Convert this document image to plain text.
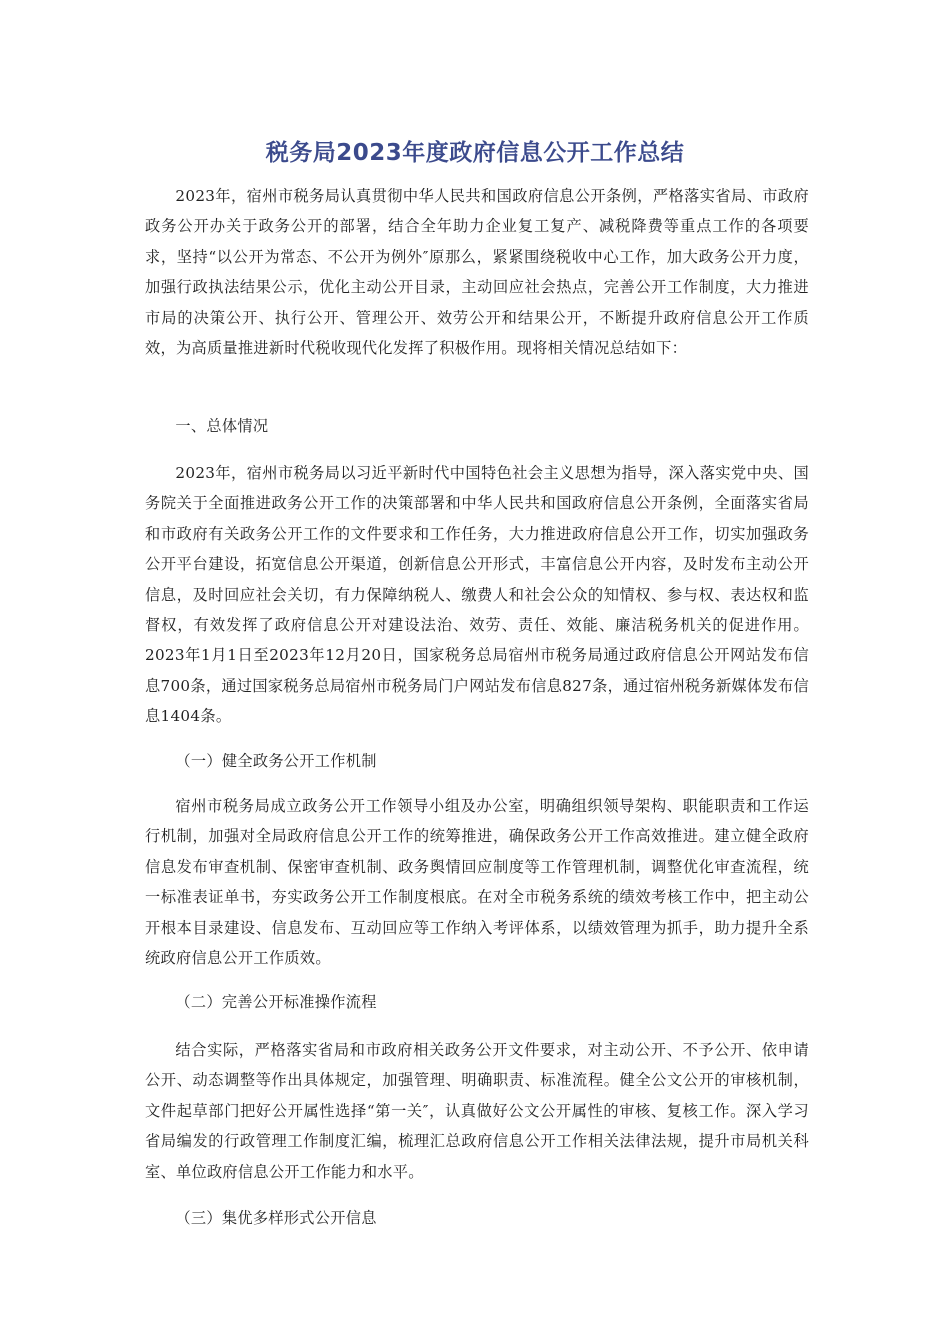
税务局2023年度政府信息公开工作总结

2023年，宿州市税务局认真贯彻中华人民共和国政府信息公开条例，严格落实省局、市政府政务公开办关于政务公开的部署，结合全年助力企业复工复产、减税降费等重点工作的各项要求，坚持“以公开为常态、不公开为例外″原那么，紧紧围绕税收中心工作，加大政务公开力度，加强行政执法结果公示，优化主动公开目录，主动回应社会热点，完善公开工作制度，大力推进市局的决策公开、执行公开、管理公开、效劳公开和结果公开，不断提升政府信息公开工作质效，为高质量推进新时代税收现代化发挥了积极作用。现将相关情况总结如下：

一、总体情况

2023年，宿州市税务局以习近平新时代中国特色社会主义思想为指导，深入落实党中央、国务院关于全面推进政务公开工作的决策部署和中华人民共和国政府信息公开条例，全面落实省局和市政府有关政务公开工作的文件要求和工作任务，大力推进政府信息公开工作，切实加强政务公开平台建设，拓宽信息公开渠道，创新信息公开形式，丰富信息公开内容，及时发布主动公开信息，及时回应社会关切，有力保障纳税人、缴费人和社会公众的知情权、参与权、表达权和监督权，有效发挥了政府信息公开对建设法治、效劳、责任、效能、廉洁税务机关的促进作用。2023年1月1日至2023年12月20日，国家税务总局宿州市税务局通过政府信息公开网站发布信息700条，通过国家税务总局宿州市税务局门户网站发布信息827条，通过宿州税务新媒体发布信息1404条。

（一）健全政务公开工作机制

宿州市税务局成立政务公开工作领导小组及办公室，明确组织领导架构、职能职责和工作运行机制，加强对全局政府信息公开工作的统筹推进，确保政务公开工作高效推进。建立健全政府信息发布审查机制、保密审查机制、政务舆情回应制度等工作管理机制，调整优化审查流程，统一标准表证单书，夯实政务公开工作制度根底。在对全市税务系统的绩效考核工作中，把主动公开根本目录建设、信息发布、互动回应等工作纳入考评体系，以绩效管理为抓手，助力提升全系统政府信息公开工作质效。

（二）完善公开标准操作流程

结合实际，严格落实省局和市政府相关政务公开文件要求，对主动公开、不予公开、依申请公开、动态调整等作出具体规定，加强管理、明确职责、标准流程。健全公文公开的审核机制，文件起草部门把好公开属性选择“第一关″，认真做好公文公开属性的审核、复核工作。深入学习省局编发的行政管理工作制度汇编，梳理汇总政府信息公开工作相关法律法规，提升市局机关科室、单位政府信息公开工作能力和水平。

（三）集优多样形式公开信息
